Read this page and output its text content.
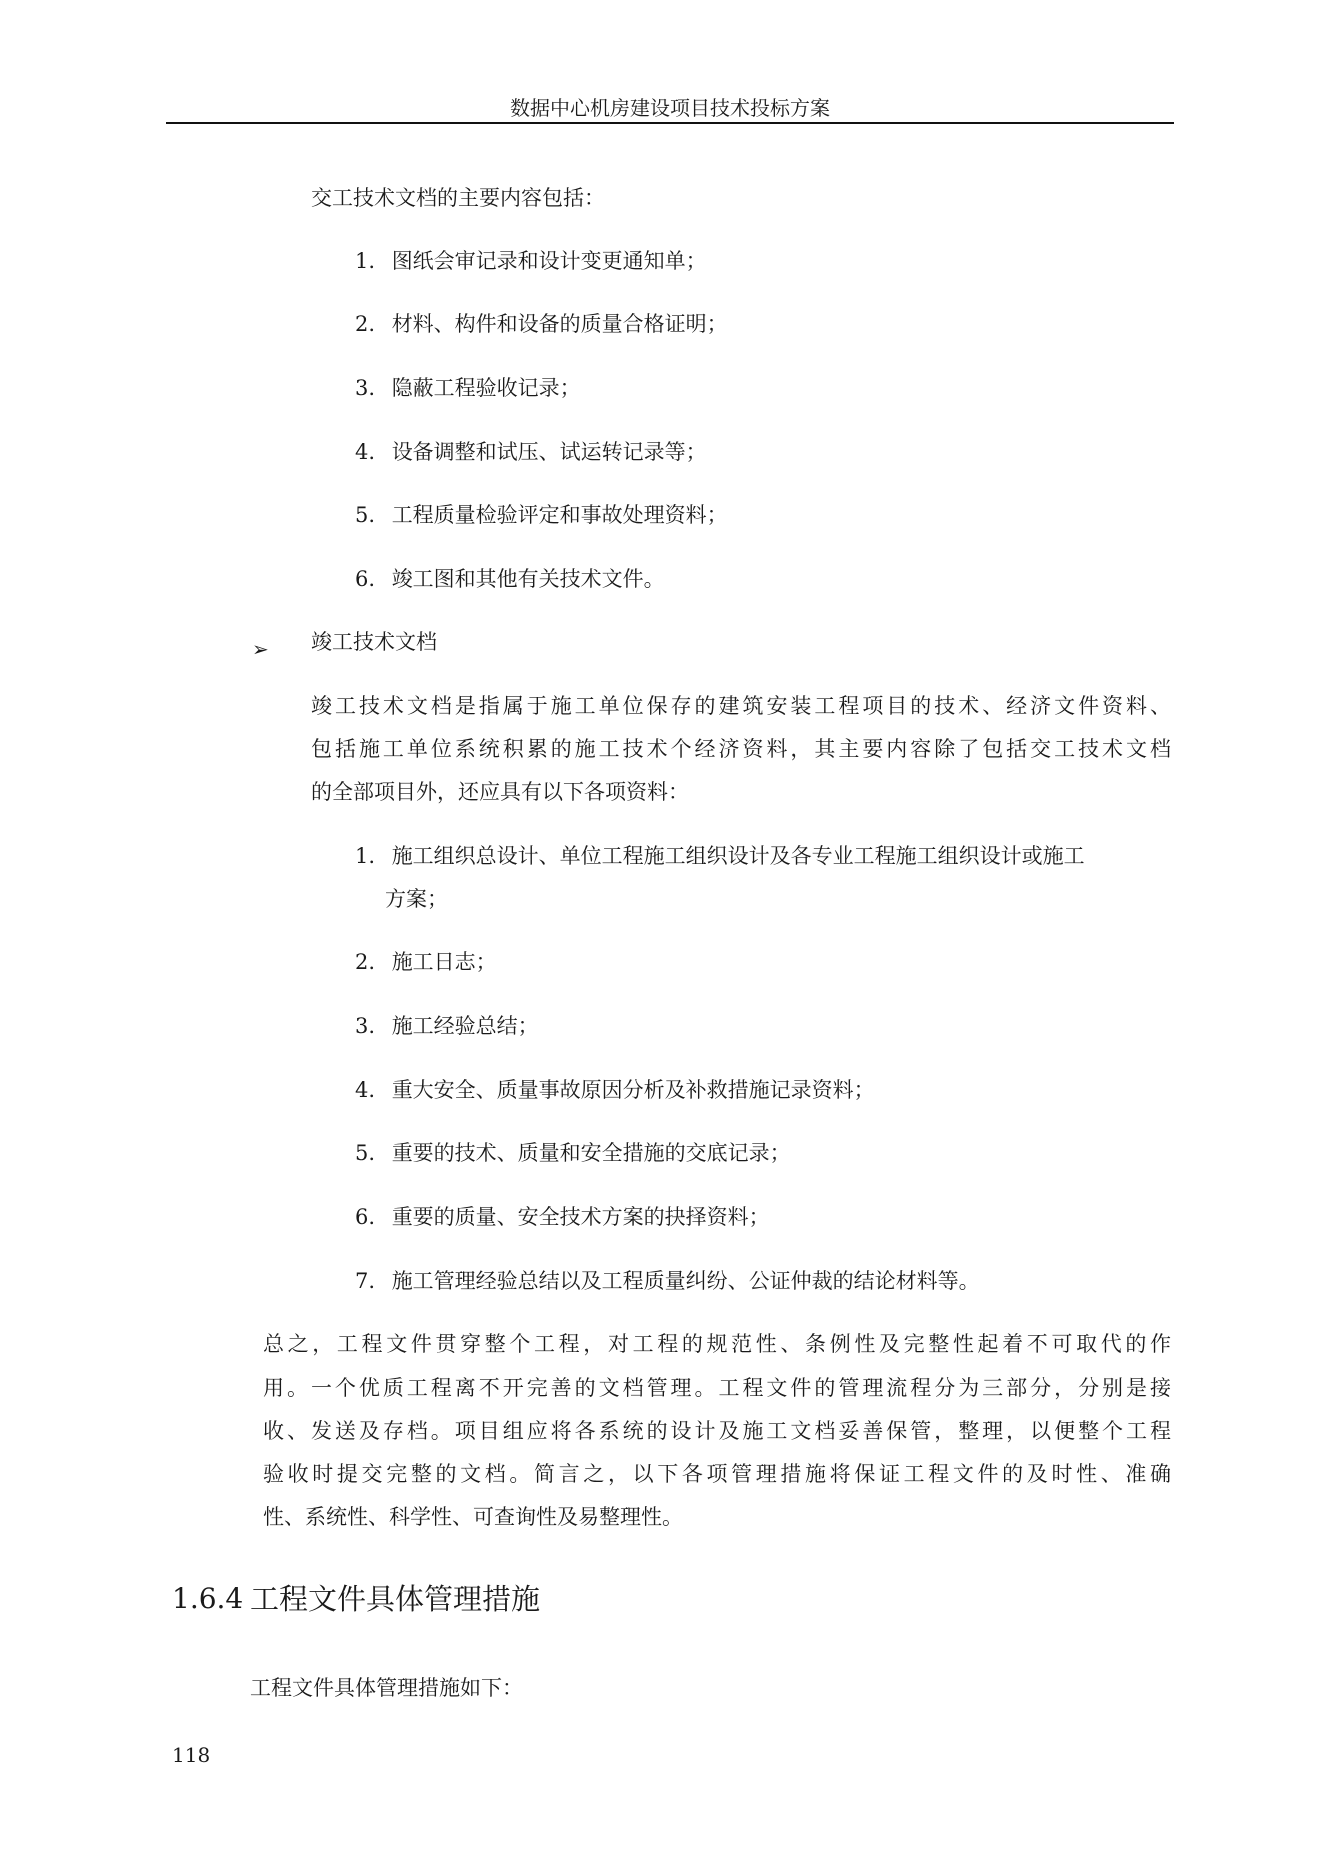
数据中心机房建设项目技术投标方案
交工技术文档的主要内容包括：
1. 图纸会审记录和设计变更通知单；
2. 材料、构件和设备的质量合格证明；
3. 隐蔽工程验收记录；
4. 设备调整和试压、试运转记录等；
5. 工程质量检验评定和事故处理资料；
6. 竣工图和其他有关技术文件。
➢ 竣工技术文档
竣工技术文档是指属于施工单位保存的建筑安装工程项目的技术、经济文件资料、
包括施工单位系统积累的施工技术个经济资料，其主要内容除了包括交工技术文档
的全部项目外，还应具有以下各项资料：
1. 施工组织总设计、单位工程施工组织设计及各专业工程施工组织设计或施工
方案；
2. 施工日志；
3. 施工经验总结；
4. 重大安全、质量事故原因分析及补救措施记录资料；
5. 重要的技术、质量和安全措施的交底记录；
6. 重要的质量、安全技术方案的抉择资料；
7. 施工管理经验总结以及工程质量纠纷、公证仲裁的结论材料等。
总之，工程文件贯穿整个工程，对工程的规范性、条例性及完整性起着不可取代的作
用。一个优质工程离不开完善的文档管理。工程文件的管理流程分为三部分，分别是接
收、发送及存档。项目组应将各系统的设计及施工文档妥善保管，整理，以便整个工程
验收时提交完整的文档。简言之，以下各项管理措施将保证工程文件的及时性、准确
性、系统性、科学性、可查询性及易整理性。
1.6.4 工程文件具体管理措施
工程文件具体管理措施如下：
118
